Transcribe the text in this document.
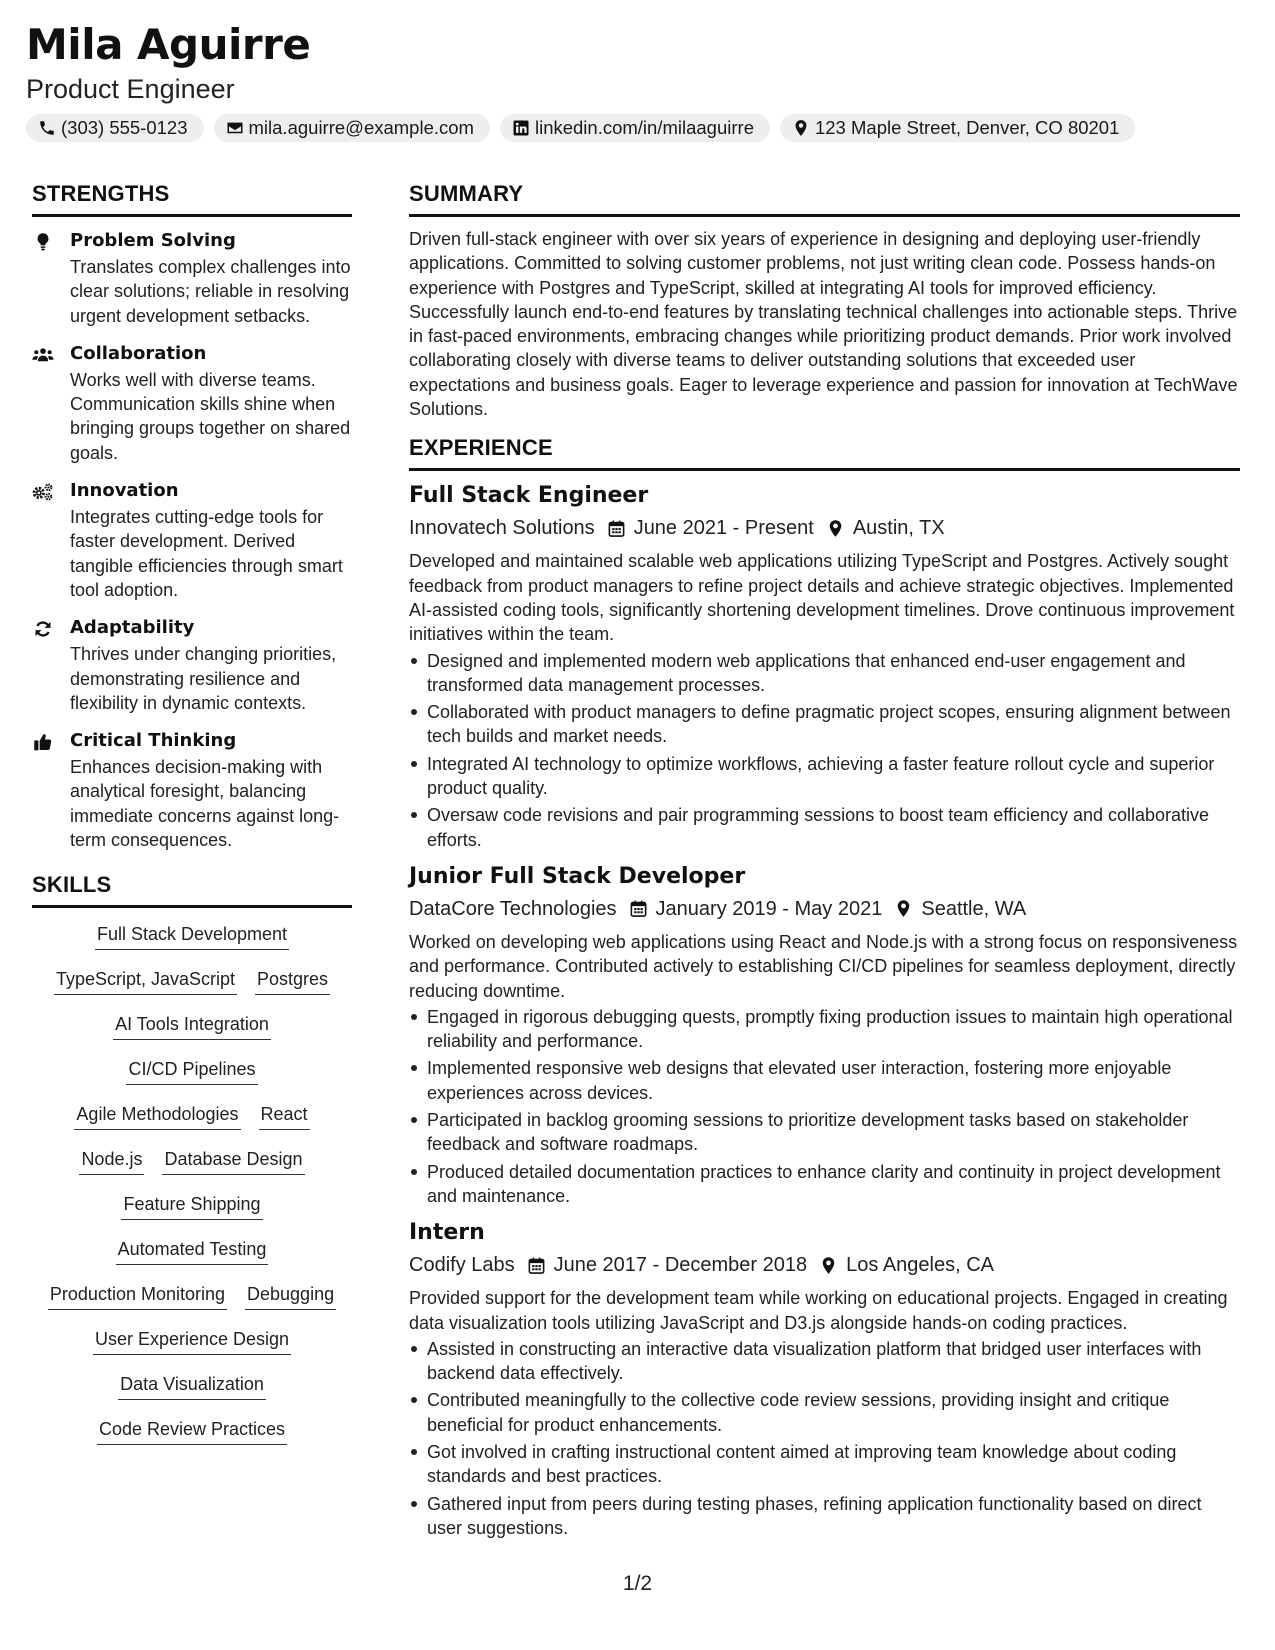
Mila Aguirre
Product Engineer
(303) 555-0123	mila.aguirre@example.com	linkedin.com/in/milaaguirre	123 Maple Street, Denver, CO 80201
STRENGTHS
Problem Solving
Translates complex challenges into clear solutions; reliable in resolving urgent development setbacks.
Collaboration
Works well with diverse teams. Communication skills shine when bringing groups together on shared goals.
Innovation
Integrates cutting-edge tools for faster development. Derived tangible efficiencies through smart tool adoption.
Adaptability
Thrives under changing priorities, demonstrating resilience and flexibility in dynamic contexts.
Critical Thinking
Enhances decision-making with analytical foresight, balancing immediate concerns against long-term consequences.
SKILLS
Full Stack Development
TypeScript, JavaScript Postgres
AI Tools Integration
CI/CD Pipelines
Agile Methodologies React
Node.js Database Design
Feature Shipping
Automated Testing
Production Monitoring Debugging
User Experience Design
Data Visualization
Code Review Practices
SUMMARY

Driven full-stack engineer with over six years of experience in designing and deploying user-friendly applications. Committed to solving customer problems, not just writing clean code. Possess hands-on experience with Postgres and TypeScript, skilled at integrating AI tools for improved efficiency. Successfully launch end-to-end features by translating technical challenges into actionable steps. Thrive in fast-paced environments, embracing changes while prioritizing product demands. Prior work involved collaborating closely with diverse teams to deliver outstanding solutions that exceeded user expectations and business goals. Eager to leverage experience and passion for innovation at TechWave Solutions.

EXPERIENCE
Full Stack Engineer
Innovatech Solutions June 2021 - Present Austin, TX

Developed and maintained scalable web applications utilizing TypeScript and Postgres. Actively sought feedback from product managers to refine project details and achieve strategic objectives. Implemented AI-assisted coding tools, significantly shortening development timelines. Drove continuous improvement initiatives within the team.

Designed and implemented modern web applications that enhanced end-user engagement and transformed data management processes.
Collaborated with product managers to define pragmatic project scopes, ensuring alignment between tech builds and market needs.
Integrated AI technology to optimize workflows, achieving a faster feature rollout cycle and superior product quality.
Oversaw code revisions and pair programming sessions to boost team efficiency and collaborative efforts.
Junior Full Stack Developer
DataCore Technologies January 2019 - May 2021 Seattle, WA

Worked on developing web applications using React and Node.js with a strong focus on responsiveness and performance. Contributed actively to establishing CI/CD pipelines for seamless deployment, directly reducing downtime.

Engaged in rigorous debugging quests, promptly fixing production issues to maintain high operational reliability and performance.
Implemented responsive web designs that elevated user interaction, fostering more enjoyable experiences across devices.
Participated in backlog grooming sessions to prioritize development tasks based on stakeholder feedback and software roadmaps.
Produced detailed documentation practices to enhance clarity and continuity in project development and maintenance.
Intern
Codify Labs June 2017 - December 2018 Los Angeles, CA

Provided support for the development team while working on educational projects. Engaged in creating data visualization tools utilizing JavaScript and D3.js alongside hands-on coding practices.

Assisted in constructing an interactive data visualization platform that bridged user interfaces with backend data effectively.
Contributed meaningfully to the collective code review sessions, providing insight and critique beneficial for product enhancements.
Got involved in crafting instructional content aimed at improving team knowledge about coding standards and best practices.
Gathered input from peers during testing phases, refining application functionality based on direct user suggestions.
1/2
